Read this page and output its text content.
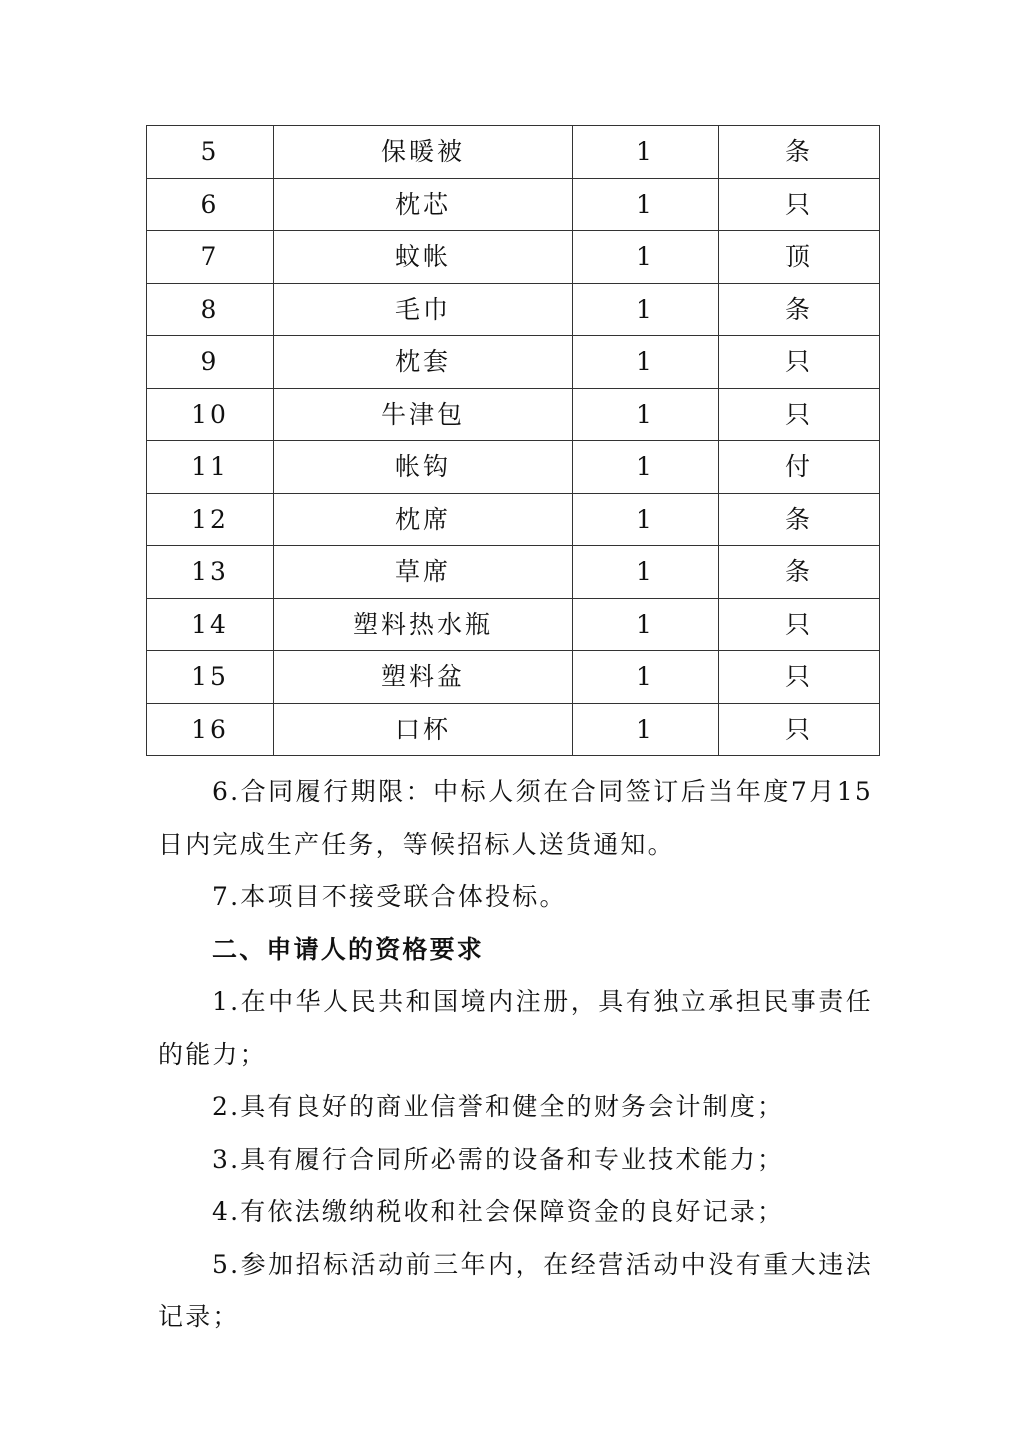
5	保暖被	1	条
6	枕芯	1	只
7	蚊帐	1	顶
8	毛巾	1	条
9	枕套	1	只
10	牛津包	1	只
11	帐钩	1	付
12	枕席	1	条
13	草席	1	条
14	塑料热水瓶	1	只
15	塑料盆	1	只
16	口杯	1	只

6.合同履行期限：中标人须在合同签订后当年度7月15日内完成生产任务，等候招标人送货通知。

7.本项目不接受联合体投标。

二、申请人的资格要求

1.在中华人民共和国境内注册，具有独立承担民事责任的能力；

2.具有良好的商业信誉和健全的财务会计制度；

3.具有履行合同所必需的设备和专业技术能力；

4.有依法缴纳税收和社会保障资金的良好记录；

5.参加招标活动前三年内，在经营活动中没有重大违法记录；
